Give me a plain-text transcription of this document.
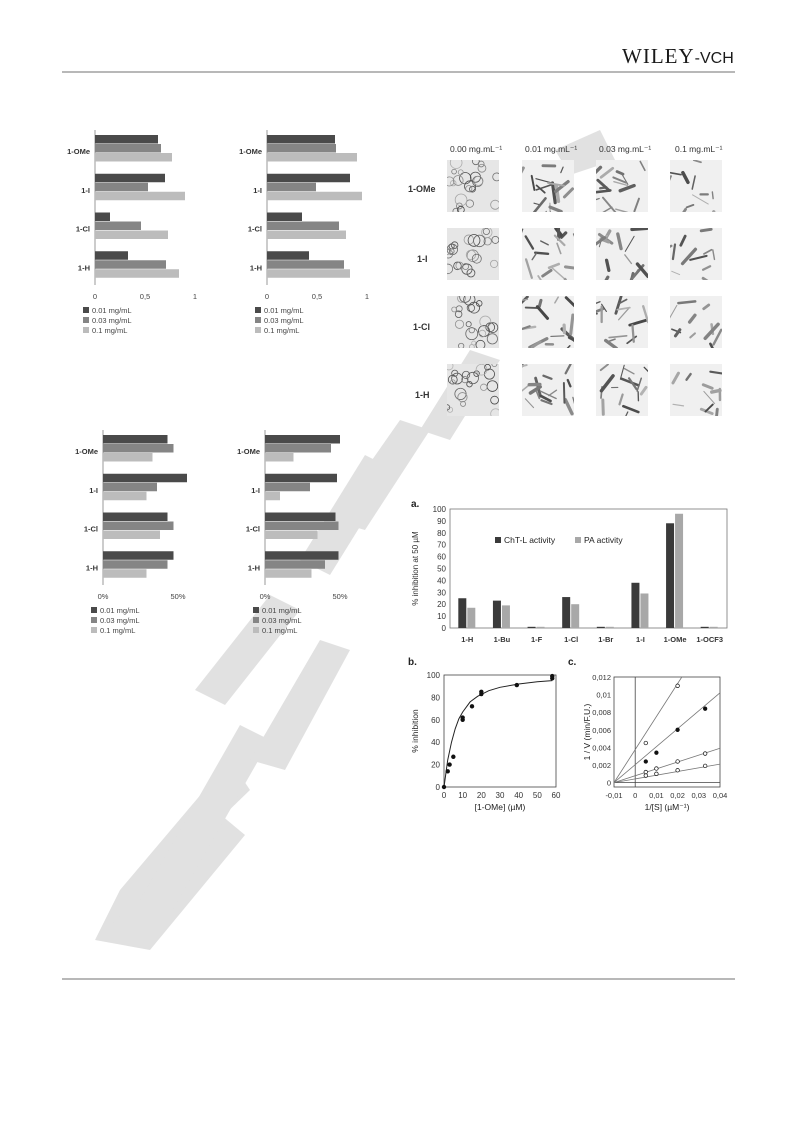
WILEY-VCH
0	0,5	1
1-OMe
1-I
1-Cl
1-H
0.01 mg/mL
0.03 mg/mL
0.1 mg/mL
0	0,5	1
1-OMe
1-I
1-Cl
1-H
0.01 mg/mL
0.03 mg/mL
0.1 mg/mL
0%	50%
1-OMe
1-I
1-Cl
1-H
0.01 mg/mL
0.03 mg/mL
0.1 mg/mL
0%	50%
1-OMe
1-I
1-Cl
1-H
0.01 mg/mL
0.03 mg/mL
0.1 mg/mL
0.00 mg.mL⁻¹	0.01 mg.mL⁻¹	0.03 mg.mL⁻¹	0.1 mg.mL⁻¹
1-OMe
1-I
1-Cl
1-H
a.
0
10
20
30
40
50
60
70
80
90
100
% inhibition at 50 µM
1-H	1-Bu	1-F	1-Cl	1-Br	1-I	1-OMe 1-OCF3
ChT-L activity	PA activity
b.
0
20
40
60
80
100
0 10 20 30 40 50 60
[1-OMe] (µM)
% inhibition
c.
0
0,002
0,004
0,006
0,008
0,01
0,012
-0,01 0 0,01 0,02 0,03 0,04
1/[S] (µM⁻¹)
1 / V (min/F.U.)
